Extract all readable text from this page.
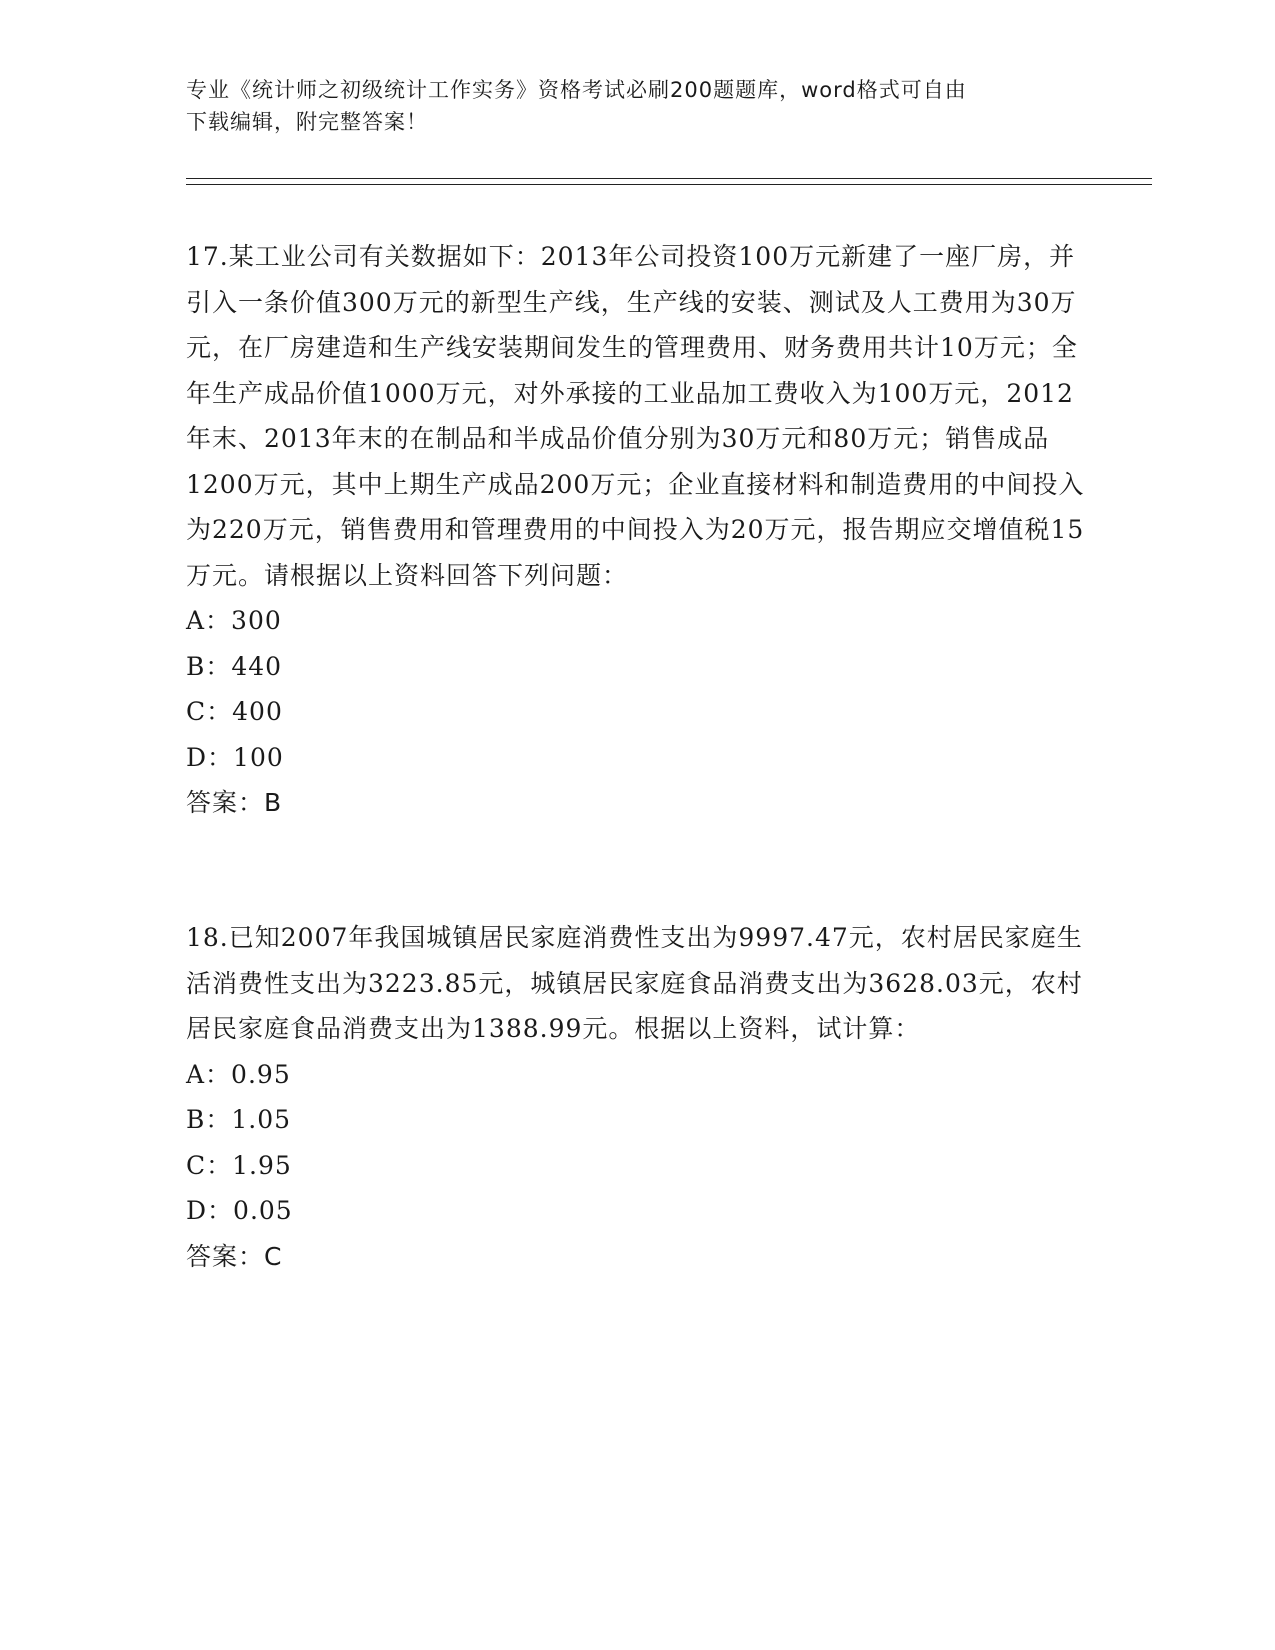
专业《统计师之初级统计工作实务》资格考试必刷200题题库，word格式可自由
下载编辑，附完整答案！
17.某工业公司有关数据如下：2013年公司投资100万元新建了一座厂房，并引入一条价值300万元的新型生产线，生产线的安装、测试及人工费用为30万元，在厂房建造和生产线安装期间发生的管理费用、财务费用共计10万元；全年生产成品价值1000万元，对外承接的工业品加工费收入为100万元，2012年末、2013年末的在制品和半成品价值分别为30万元和80万元；销售成品1200万元，其中上期生产成品200万元；企业直接材料和制造费用的中间投入为220万元，销售费用和管理费用的中间投入为20万元，报告期应交增值税15万元。请根据以上资料回答下列问题：
A：300
B：440
C：400
D：100
答案：B
18.已知2007年我国城镇居民家庭消费性支出为9997.47元，农村居民家庭生活消费性支出为3223.85元，城镇居民家庭食品消费支出为3628.03元，农村居民家庭食品消费支出为1388.99元。根据以上资料，试计算：
A：0.95
B：1.05
C：1.95
D：0.05
答案：C
